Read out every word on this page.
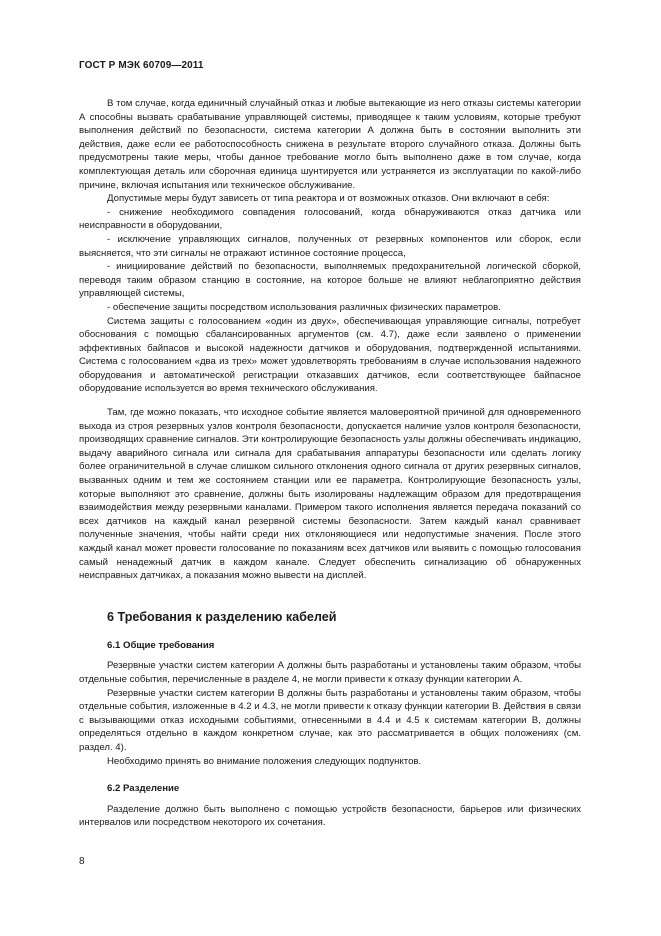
ГОСТ Р МЭК 60709—2011

В том случае, когда единичный случайный отказ и любые вытекающие из него отказы системы категории А способны вызвать срабатывание управляющей системы, приводящее к таким условиям, которые требуют выполнения действий по безопасности, система категории А должна быть в состоянии выполнить эти действия, даже если ее работоспособность снижена в результате второго случайного отказа. Должны быть предусмотрены такие меры, чтобы данное требование могло быть выполнено даже в том случае, когда комплектующая деталь или сборочная единица шунтируется или устраняется из эксплуатации по какой-либо причине, включая испытания или техническое обслуживание.

Допустимые меры будут зависеть от типа реактора и от возможных отказов. Они включают в себя:

- снижение необходимого совпадения голосований, когда обнаруживаются отказ датчика или неисправности в оборудовании,

- исключение управляющих сигналов, полученных от резервных компонентов или сборок, если выясняется, что эти сигналы не отражают истинное состояние процесса,

- инициирование действий по безопасности, выполняемых предохранительной логической сборкой, переводя таким образом станцию в состояние, на которое больше не влияют неблагоприятно действия управляющей системы,

- обеспечение защиты посредством использования различных физических параметров.

Система защиты с голосованием «один из двух», обеспечивающая управляющие сигналы, потребует обоснования с помощью сбалансированных аргументов (см. 4.7), даже если заявлено о применении эффективных байпасов и высокой надежности датчиков и оборудования, подтвержденной испытаниями. Система с голосованием «два из трех» может удовлетворять требованиям в случае использования надежного оборудования и автоматической регистрации отказавших датчиков, если соответствующее байпасное оборудование используется во время технического обслуживания.

Там, где можно показать, что исходное событие является маловероятной причиной для одновременного выхода из строя резервных узлов контроля безопасности, допускается наличие узлов контроля безопасности, производящих сравнение сигналов. Эти контролирующие безопасность узлы должны обеспечивать индикацию, выдачу аварийного сигнала или сигнала для срабатывания аппаратуры безопасности или сделать логику более ограничительной в случае слишком сильного отклонения одного сигнала от других резервных сигналов, вызванных одним и тем же состоянием станции или ее параметра. Контролирующие безопасность узлы, которые выполняют это сравнение, должны быть изолированы надлежащим образом для предотвращения взаимодействия между резервными каналами. Примером такого исполнения является передача показаний со всех датчиков на каждый канал резервной системы безопасности. Затем каждый канал сравнивает полученные значения, чтобы найти среди них отклоняющиеся или недопустимые значения. После этого каждый канал может провести голосование по показаниям всех датчиков или выявить с помощью голосования самый ненадежный датчик в каждом канале. Следует обеспечить сигнализацию об обнаруженных неисправных датчиках, а показания можно вывести на дисплей.

6 Требования к разделению кабелей
6.1 Общие требования

Резервные участки систем категории А должны быть разработаны и установлены таким образом, чтобы отдельные события, перечисленные в разделе 4, не могли привести к отказу функции категории А.

Резервные участки систем категории В должны быть разработаны и установлены таким образом, чтобы отдельные события, изложенные в 4.2 и 4.3, не могли привести к отказу функции категории В. Действия в связи с вызывающими отказ исходными событиями, отнесенными в 4.4 и 4.5 к системам категории В, должны определяться отдельно в каждом конкретном случае, как это рассматривается в общих положениях (см. раздел. 4).

Необходимо принять во внимание положения следующих подпунктов.

6.2 Разделение

Разделение должно быть выполнено с помощью устройств безопасности, барьеров или физических интервалов или посредством некоторого их сочетания.

8
